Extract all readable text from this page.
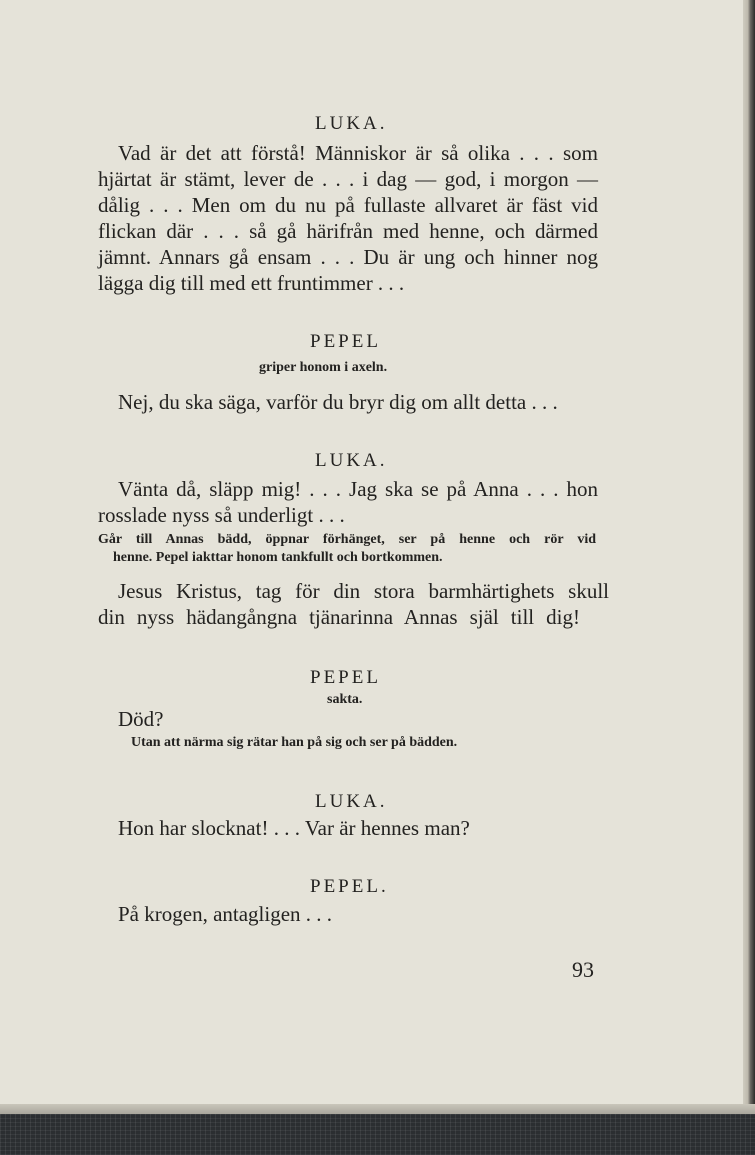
LUKA.
Vad är det att förstå! Människor är så olika . . . som
hjärtat är stämt, lever de . . . i dag — god, i morgon —
dålig . . . Men om du nu på fullaste allvaret är fäst vid
flickan där . . . så gå härifrån med henne, och därmed
jämnt. Annars gå ensam . . . Du är ung och hinner nog
lägga dig till med ett fruntimmer . . .
PEPEL
griper honom i axeln.
Nej, du ska säga, varför du bryr dig om allt detta . . .
LUKA.
Vänta då, släpp mig! . . . Jag ska se på Anna . . . hon
rosslade nyss så underligt . . .
Går till Annas bädd, öppnar förhänget, ser på henne och rör vid
henne. Pepel iakttar honom tankfullt och bortkommen.
Jesus Kristus, tag för din stora barmhärtighets skull
din nyss hädangångna tjänarinna Annas själ till dig!
PEPEL
sakta.
Död?
Utan att närma sig rätar han på sig och ser på bädden.
LUKA.
Hon har slocknat! . . . Var är hennes man?
PEPEL.
På krogen, antagligen . . .
93
